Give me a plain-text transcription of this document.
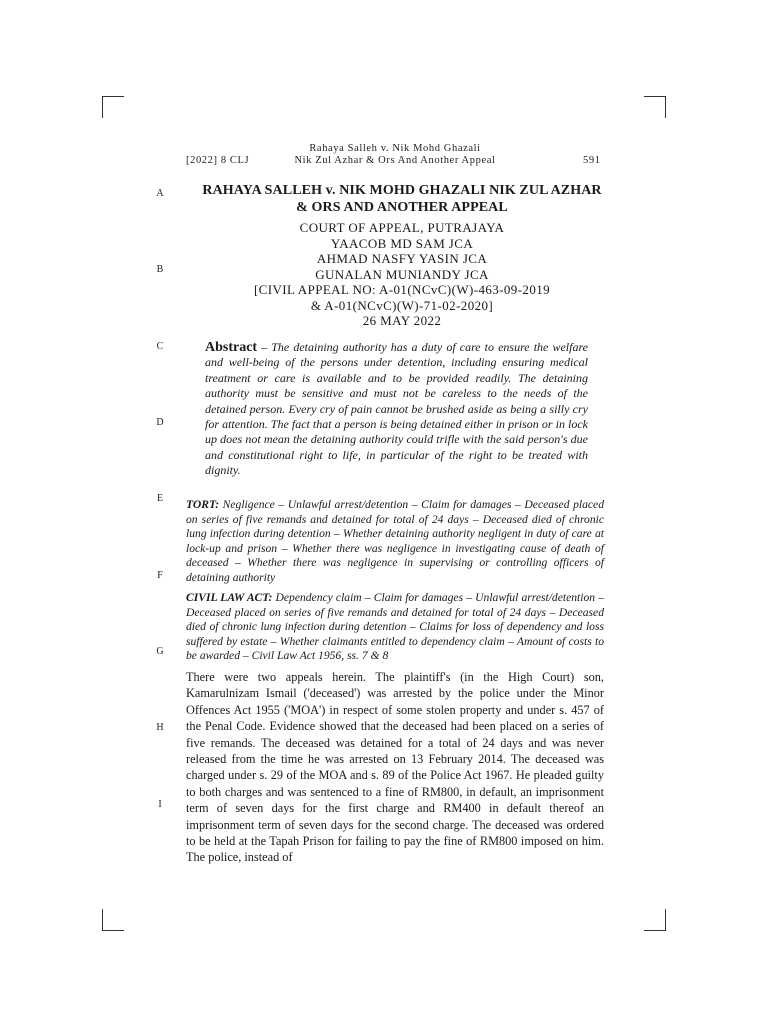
Rahaya Salleh v. Nik Mohd Ghazali
[2022] 8 CLJ	Nik Zul Azhar & Ors And Another Appeal	591
A
B
C
D
E
F
G
H
I
RAHAYA SALLEH v. NIK MOHD GHAZALI NIK ZUL AZHAR
& ORS AND ANOTHER APPEAL
COURT OF APPEAL, PUTRAJAYA
YAACOB MD SAM JCA
AHMAD NASFY YASIN JCA
GUNALAN MUNIANDY JCA
[CIVIL APPEAL NO: A-01(NCvC)(W)-463-09-2019
& A-01(NCvC)(W)-71-02-2020]
26 MAY 2022
Abstract – The detaining authority has a duty of care to ensure the welfare and well-being of the persons under detention, including ensuring medical treatment or care is available and to be provided readily. The detaining authority must be sensitive and must not be careless to the needs of the detained person. Every cry of pain cannot be brushed aside as being a silly cry for attention. The fact that a person is being detained either in prison or in lock up does not mean the detaining authority could trifle with the said person's due and constitutional right to life, in particular of the right to be treated with dignity.
TORT: Negligence – Unlawful arrest/detention – Claim for damages – Deceased placed on series of five remands and detained for total of 24 days – Deceased died of chronic lung infection during detention – Whether detaining authority negligent in duty of care at lock-up and prison – Whether there was negligence in investigating cause of death of deceased – Whether there was negligence in supervising or controlling officers of detaining authority
CIVIL LAW ACT: Dependency claim – Claim for damages – Unlawful arrest/detention – Deceased placed on series of five remands and detained for total of 24 days – Deceased died of chronic lung infection during detention – Claims for loss of dependency and loss suffered by estate – Whether claimants entitled to dependency claim – Amount of costs to be awarded – Civil Law Act 1956, ss. 7 & 8
There were two appeals herein. The plaintiff's (in the High Court) son, Kamarulnizam Ismail ('deceased') was arrested by the police under the Minor Offences Act 1955 ('MOA') in respect of some stolen property and under s. 457 of the Penal Code. Evidence showed that the deceased had been placed on a series of five remands. The deceased was detained for a total of 24 days and was never released from the time he was arrested on 13 February 2014. The deceased was charged under s. 29 of the MOA and s. 89 of the Police Act 1967. He pleaded guilty to both charges and was sentenced to a fine of RM800, in default, an imprisonment term of seven days for the first charge and RM400 in default thereof an imprisonment term of seven days for the second charge. The deceased was ordered to be held at the Tapah Prison for failing to pay the fine of RM800 imposed on him. The police, instead of
